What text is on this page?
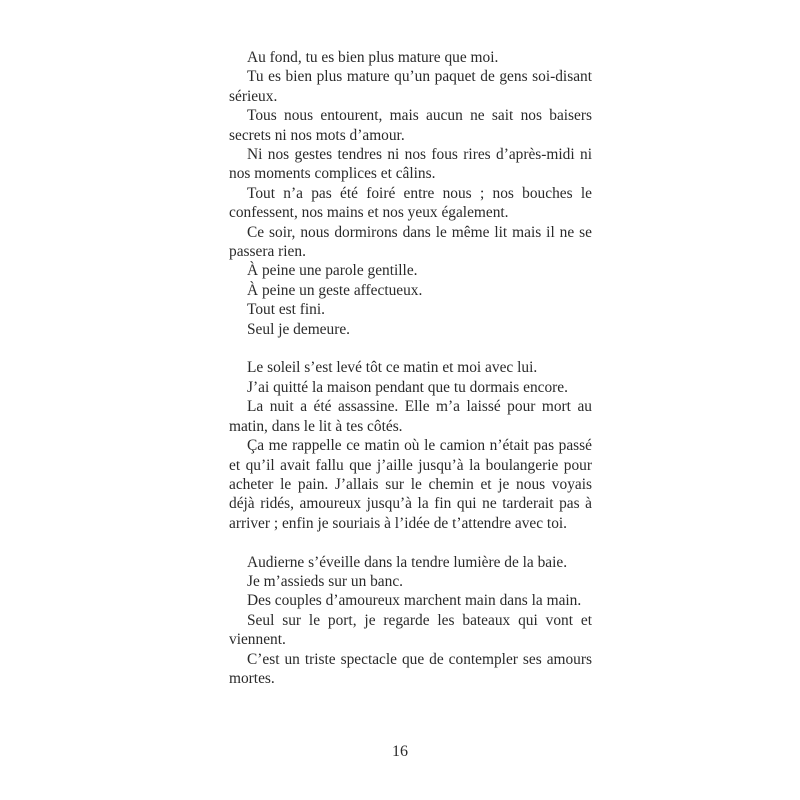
Au fond, tu es bien plus mature que moi.

Tu es bien plus mature qu’un paquet de gens soi-disant sérieux.

Tous nous entourent, mais aucun ne sait nos baisers secrets ni nos mots d’amour.

Ni nos gestes tendres ni nos fous rires d’après-midi ni nos moments complices et câlins.

Tout n’a pas été foiré entre nous ; nos bouches le confessent, nos mains et nos yeux également.

Ce soir, nous dormirons dans le même lit mais il ne se passera rien.

À peine une parole gentille.

À peine un geste affectueux.

Tout est fini.

Seul je demeure.

Le soleil s’est levé tôt ce matin et moi avec lui.

J’ai quitté la maison pendant que tu dormais encore.

La nuit a été assassine. Elle m’a laissé pour mort au matin, dans le lit à tes côtés.

Ça me rappelle ce matin où le camion n’était pas passé et qu’il avait fallu que j’aille jusqu’à la boulangerie pour acheter le pain. J’allais sur le chemin et je nous voyais déjà ridés, amoureux jusqu’à la fin qui ne tarderait pas à arriver ; enfin je souriais à l’idée de t’attendre avec toi.

Audierne s’éveille dans la tendre lumière de la baie.

Je m’assieds sur un banc.

Des couples d’amoureux marchent main dans la main.

Seul sur le port, je regarde les bateaux qui vont et viennent.

C’est un triste spectacle que de contempler ses amours mortes.

16
